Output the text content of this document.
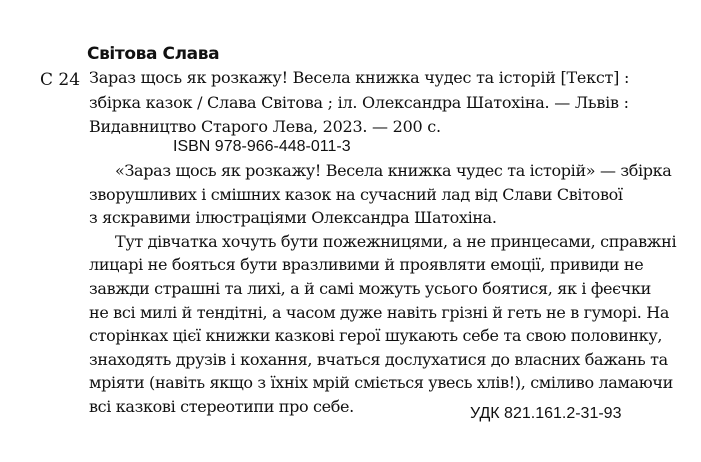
Світова Слава
С 24 Зараз щось як розкажу! Весела книжка чудес та історій [Текст] :
збірка казок / Слава Світова ; іл. Олександра Шатохіна. — Львів :
Видавництво Старого Лева, 2023. — 200 с.
ISBN 978-966-448-011-3
«Зараз щось як розкажу! Весела книжка чудес та історій» — збірка
зворушливих і смішних казок на сучасний лад від Слави Світової
з яскравими ілюстраціями Олександра Шатохіна.
Тут дівчатка хочуть бути пожежницями, а не принцесами, справжні
лицарі не бояться бути вразливими й проявляти емоції, привиди не
завжди страшні та лихі, а й самі можуть усього боятися, як і феєчки
не всі милі й тендітні, а часом дуже навіть грізні й геть не в гуморі. На
сторінках цієї книжки казкові герої шукають себе та свою половинку,
знаходять друзів і кохання, вчаться дослухатися до власних бажань та
мріяти (навіть якщо з їхніх мрій сміється увесь хлів!), сміливо ламаючи
всі казкові стереотипи про себе.	УДК 821.161.2-31-93
